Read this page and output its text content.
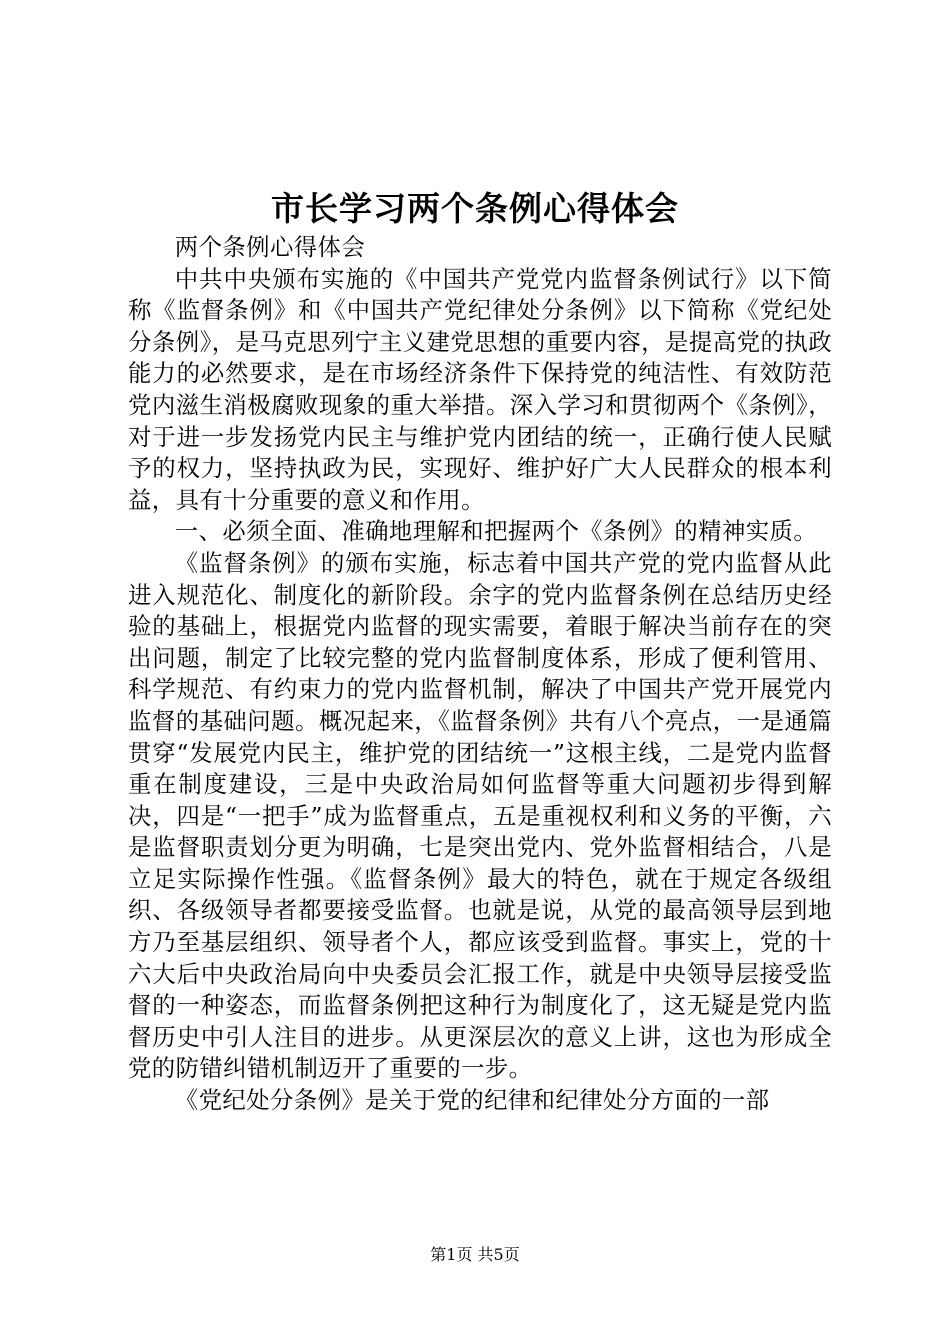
市长学习两个条例心得体会

两个条例心得体会

中共中央颁布实施的《中国共产党党内监督条例试行》以下简称《监督条例》和《中国共产党纪律处分条例》以下简称《党纪处分条例》，是马克思列宁主义建党思想的重要内容，是提高党的执政能力的必然要求，是在市场经济条件下保持党的纯洁性、有效防范党内滋生消极腐败现象的重大举措。深入学习和贯彻两个《条例》，对于进一步发扬党内民主与维护党内团结的统一，正确行使人民赋予的权力，坚持执政为民，实现好、维护好广大人民群众的根本利益，具有十分重要的意义和作用。

一、必须全面、准确地理解和把握两个《条例》的精神实质。

《监督条例》的颁布实施，标志着中国共产党的党内监督从此进入规范化、制度化的新阶段。余字的党内监督条例在总结历史经验的基础上，根据党内监督的现实需要，着眼于解决当前存在的突出问题，制定了比较完整的党内监督制度体系，形成了便利管用、科学规范、有约束力的党内监督机制，解决了中国共产党开展党内监督的基础问题。概况起来，《监督条例》共有八个亮点，一是通篇贯穿“发展党内民主，维护党的团结统一”这根主线，二是党内监督重在制度建设，三是中央政治局如何监督等重大问题初步得到解决，四是“一把手”成为监督重点，五是重视权利和义务的平衡，六是监督职责划分更为明确，七是突出党内、党外监督相结合，八是立足实际操作性强。《监督条例》最大的特色，就在于规定各级组织、各级领导者都要接受监督。也就是说，从党的最高领导层到地方乃至基层组织、领导者个人，都应该受到监督。事实上，党的十六大后中央政治局向中央委员会汇报工作，就是中央领导层接受监督的一种姿态，而监督条例把这种行为制度化了，这无疑是党内监督历史中引人注目的进步。从更深层次的意义上讲，这也为形成全党的防错纠错机制迈开了重要的一步。

《党纪处分条例》是关于党的纪律和纪律处分方面的一部

第1页 共5页
